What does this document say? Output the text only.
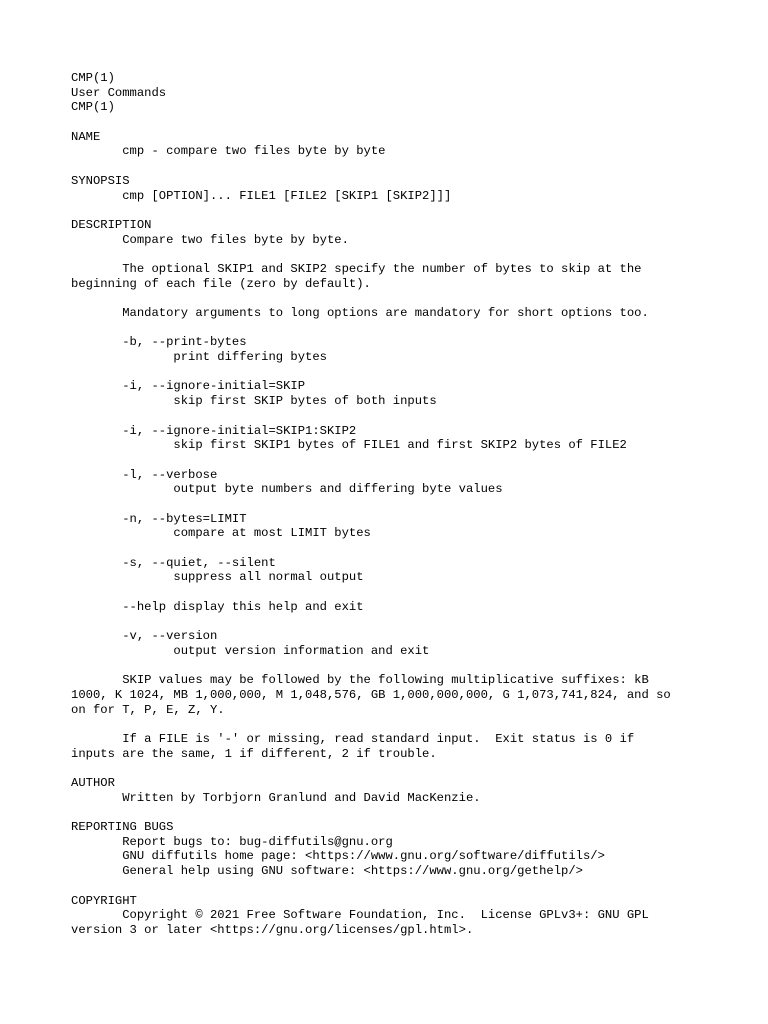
CMP(1)
User Commands
CMP(1)

NAME
cmp - compare two files byte by byte

SYNOPSIS
cmp [OPTION]... FILE1 [FILE2 [SKIP1 [SKIP2]]]

DESCRIPTION
Compare two files byte by byte.

The optional SKIP1 and SKIP2 specify the number of bytes to skip at the
beginning of each file (zero by default).

Mandatory arguments to long options are mandatory for short options too.

-b, --print-bytes
print differing bytes

-i, --ignore-initial=SKIP
skip first SKIP bytes of both inputs

-i, --ignore-initial=SKIP1:SKIP2
skip first SKIP1 bytes of FILE1 and first SKIP2 bytes of FILE2

-l, --verbose
output byte numbers and differing byte values

-n, --bytes=LIMIT
compare at most LIMIT bytes

-s, --quiet, --silent
suppress all normal output

--help display this help and exit

-v, --version
output version information and exit

SKIP values may be followed by the following multiplicative suffixes: kB
1000, K 1024, MB 1,000,000, M 1,048,576, GB 1,000,000,000, G 1,073,741,824, and so
on for T, P, E, Z, Y.

If a FILE is '-' or missing, read standard input.  Exit status is 0 if
inputs are the same, 1 if different, 2 if trouble.

AUTHOR
Written by Torbjorn Granlund and David MacKenzie.

REPORTING BUGS
Report bugs to: bug-diffutils@gnu.org
GNU diffutils home page: <https://www.gnu.org/software/diffutils/>
General help using GNU software: <https://www.gnu.org/gethelp/>

COPYRIGHT
Copyright © 2021 Free Software Foundation, Inc.  License GPLv3+: GNU GPL
version 3 or later <https://gnu.org/licenses/gpl.html>.
